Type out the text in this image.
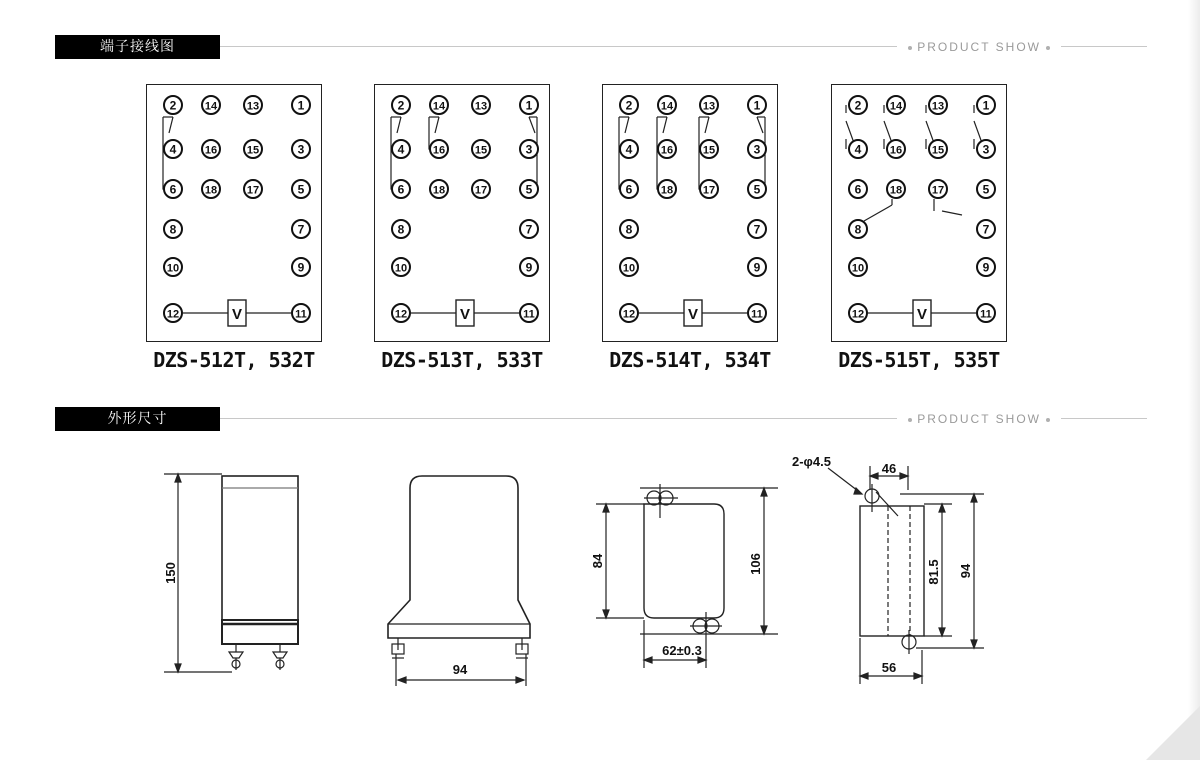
端子接线图	PRODUCT SHOW
V
2	14	13	1
4	16	15	3
6	18	17	5
8	7
10	9
12	11	V
2	14	13	1
4	16	15	3
6	18	17	5
8	7
10	9
12	11	V
2	14	13	1
4	16	15	3
6	18	17	5
8	7
10	9
12	11	V
2	14	13	1
4	16	15	3
6	18	17	5
8	7
10	9
12	11
DZS-512T, 532T	DZS-513T, 533T	DZS-514T, 534T	DZS-515T, 535T
外形尺寸	PRODUCT SHOW
150
94
84	106
62±0.3
2-φ4.5	46
81.5 94
56
